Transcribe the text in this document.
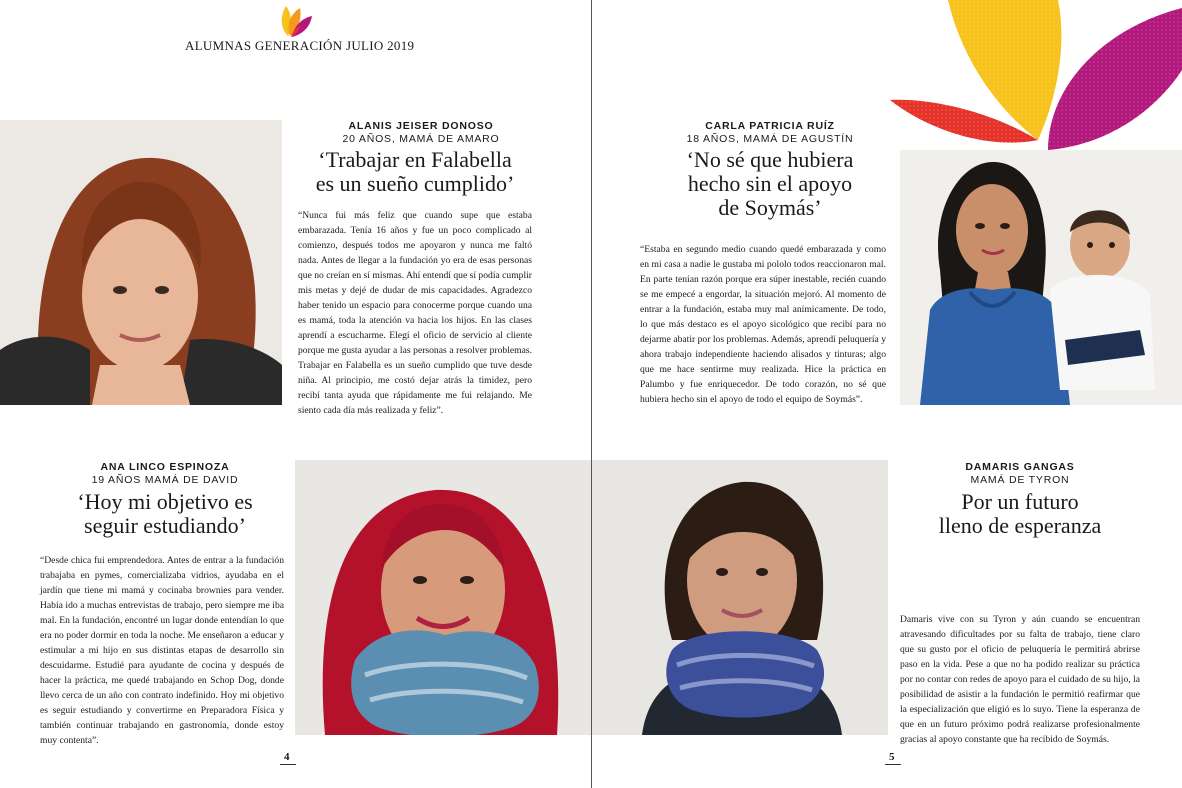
ALUMNAS GENERACIÓN JULIO 2019
ALANIS JEISER DONOSO
20 AÑOS, MAMÁ DE AMARO
‘Trabajar en Falabella
es un sueño cumplido’
“Nunca fui más feliz que cuando supe que estaba embarazada. Tenía 16 años y fue un poco complicado al comienzo, después todos me apoyaron y nunca me faltó nada. Antes de llegar a la fundación yo era de esas personas que no creían en sí mismas. Ahí entendí que sí podía cumplir mis metas y dejé de dudar de mis capacidades. Agradezco haber tenido un espacio para conocerme porque cuando una es mamá, toda la atención va hacia los hijos. En las clases aprendí a escucharme. Elegí el oficio de servicio al cliente porque me gusta ayudar a las personas a resolver problemas. Trabajar en Falabella es un sueño cumplido que tuve desde niña. Al principio, me costó dejar atrás la timidez, pero recibí tanta ayuda que rápidamente me fui relajando. Me siento cada día más realizada y feliz”.
CARLA PATRICIA RUÍZ
18 AÑOS, MAMÁ DE AGUSTÍN
‘No sé que hubiera
hecho sin el apoyo
de Soymás’
“Estaba en segundo medio cuando quedé embarazada y como en mi casa a nadie le gustaba mi pololo todos reaccionaron mal. En parte tenían razón porque era súper inestable, recién cuando se me empecé a engordar, la situación mejoró. Al momento de entrar a la fundación, estaba muy mal anímicamente. De todo, lo que más destaco es el apoyo sicológico que recibí para no dejarme abatir por los problemas. Además, aprendí peluquería y ahora trabajo independiente haciendo alisados y tinturas; algo que me hace sentirme muy realizada. Hice la práctica en Palumbo y fue enriquecedor. De todo corazón, no sé que hubiera hecho sin el apoyo de todo el equipo de Soymás”.
ANA LINCO ESPINOZA
19 AÑOS MAMÁ DE DAVID
‘Hoy mi objetivo es
seguir estudiando’
“Desde chica fui emprendedora. Antes de entrar a la fundación trabajaba en pymes, comercializaba vidrios, ayudaba en el jardín que tiene mi mamá y cocinaba brownies para vender. Había ido a muchas entrevistas de trabajo, pero siempre me iba mal. En la fundación, encontré un lugar donde entendían lo que era no poder dormir en toda la noche. Me enseñaron a educar y estimular a mi hijo en sus distintas etapas de desarrollo sin descuidarme. Estudié para ayudante de cocina y después de hacer la práctica, me quedé trabajando en Schop Dog, donde llevo cerca de un año con contrato indefinido. Hoy mi objetivo es seguir estudiando y convertirme en Preparadora Física y también continuar trabajando en gastronomía, donde estoy muy contenta”.
DAMARIS GANGAS
MAMÁ DE TYRON
Por un futuro
lleno de esperanza
Damaris vive con su Tyron y aún cuando se encuentran atravesando dificultades por su falta de trabajo, tiene claro que su gusto por el oficio de peluquería le permitirá abrirse paso en la vida. Pese a que no ha podido realizar su práctica por no contar con redes de apoyo para el cuidado de su hijo, la posibilidad de asistir a la fundación le permitió reafirmar que la especialización que eligió es lo suyo. Tiene la esperanza de que en un futuro próximo podrá realizarse profesionalmente gracias al apoyo constante que ha recibido de Soymás.
4	5
